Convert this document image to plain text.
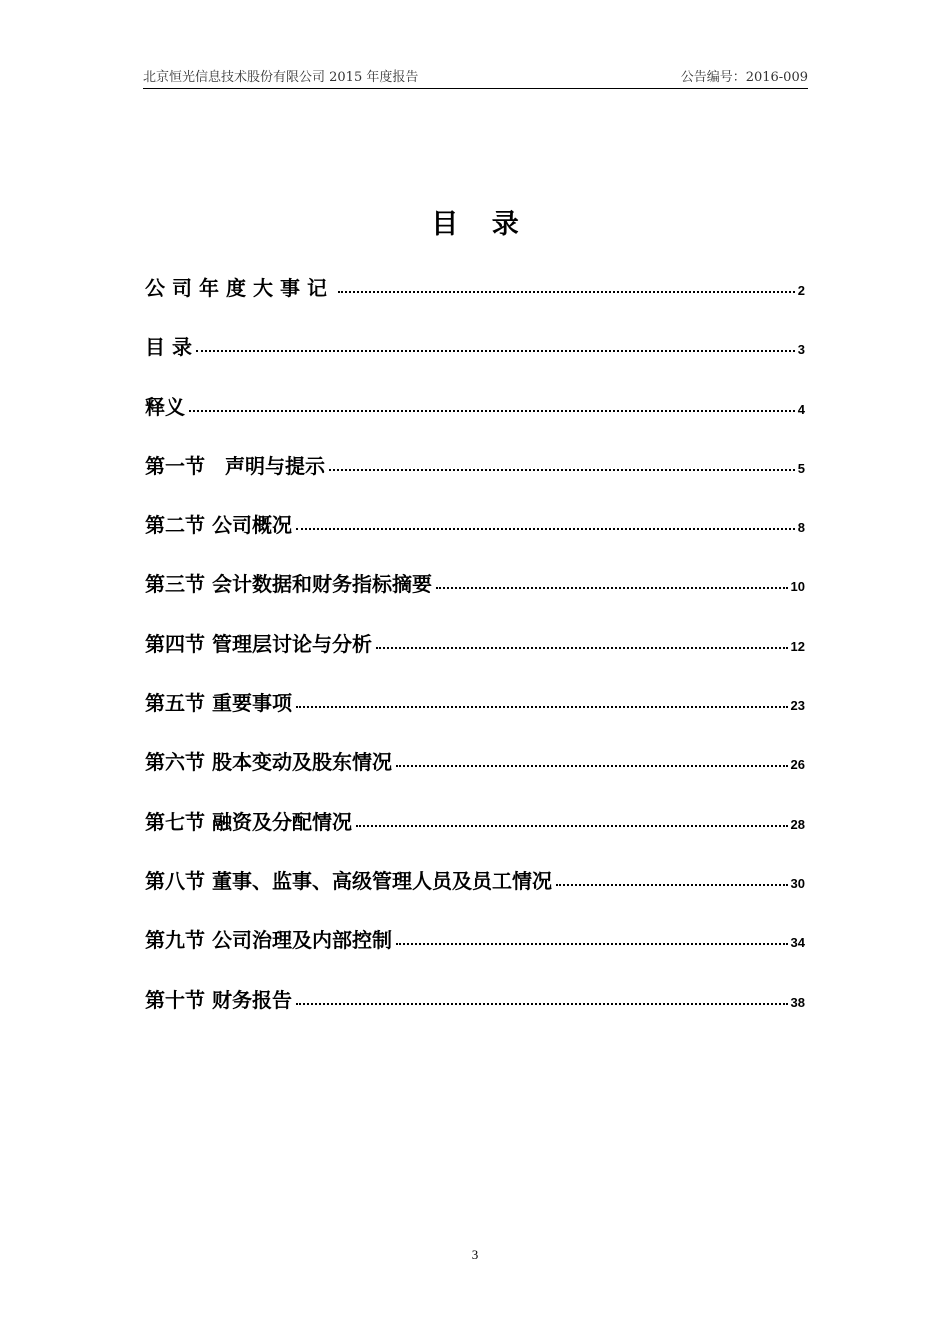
北京恒光信息技术股份有限公司 2015 年度报告	公告编号：2016-009
目 录
公司年度大事记	2
目 录	3
释义	4
第一节　声明与提示	5
第二节 公司概况	8
第三节 会计数据和财务指标摘要	10
第四节 管理层讨论与分析	12
第五节 重要事项	23
第六节 股本变动及股东情况	26
第七节 融资及分配情况	28
第八节 董事、监事、高级管理人员及员工情况	30
第九节 公司治理及内部控制	34
第十节 财务报告	38
3
